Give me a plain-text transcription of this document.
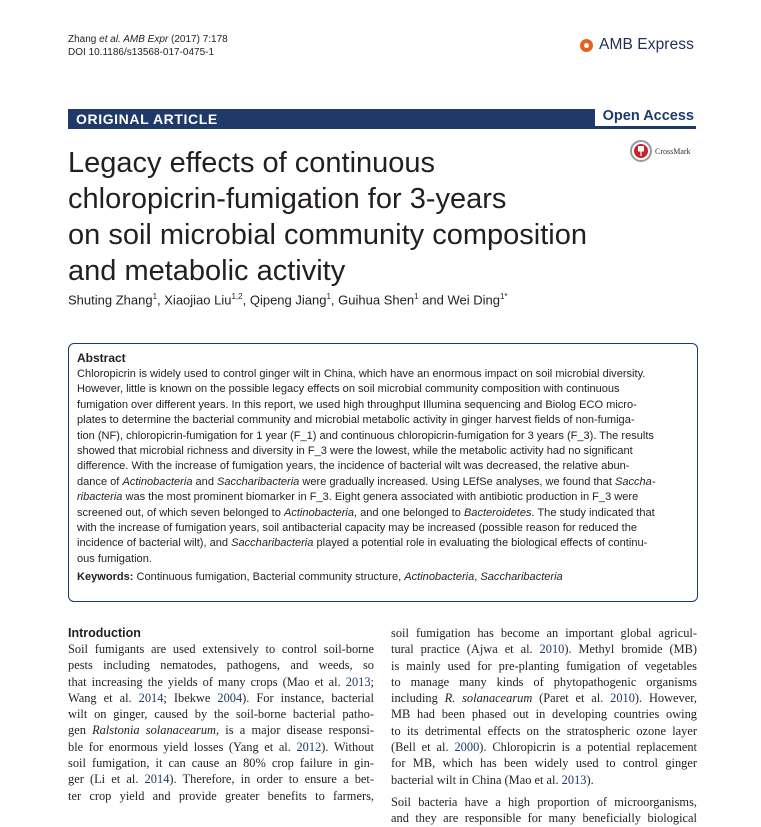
Zhang et al. AMB Expr (2017) 7:178
DOI 10.1186/s13568-017-0475-1	AMB Express
ORIGINAL ARTICLE	Open Access
CrossMark
Legacy effects of continuous
chloropicrin-fumigation for 3-years
on soil microbial community composition
and metabolic activity
Shuting Zhang$^1$, Xiaojiao Liu$^{1,2}$, Qipeng Jiang$^1$, Guihua Shen$^1$ and Wei Ding$^{1*}$
Abstract
Chloropicrin is widely used to control ginger wilt in China, which have an enormous impact on soil microbial diversity.
However, little is known on the possible legacy effects on soil microbial community composition with continuous
fumigation over different years. In this report, we used high throughput Illumina sequencing and Biolog ECO micro-
plates to determine the bacterial community and microbial metabolic activity in ginger harvest fields of non-fumiga-
tion (NF), chloropicrin-fumigation for 1 year (F_1) and continuous chloropicrin-fumigation for 3 years (F_3). The results
showed that microbial richness and diversity in F_3 were the lowest, while the metabolic activity had no significant
difference. With the increase of fumigation years, the incidence of bacterial wilt was decreased, the relative abun-
dance of Actinobacteria and Saccharibacteria were gradually increased. Using LEfSe analyses, we found that Saccha-
ribacteria was the most prominent biomarker in F_3. Eight genera associated with antibiotic production in F_3 were
screened out, of which seven belonged to Actinobacteria, and one belonged to Bacteroidetes. The study indicated that
with the increase of fumigation years, soil antibacterial capacity may be increased (possible reason for reduced the
incidence of bacterial wilt), and Saccharibacteria played a potential role in evaluating the biological effects of continu-
ous fumigation.
Keywords: Continuous fumigation, Bacterial community structure, Actinobacteria, Saccharibacteria
Introduction
Soil fumigants are used extensively to control soil-borne
pests including nematodes, pathogens, and weeds, so
that increasing the yields of many crops (Mao et al. 2013;
Wang et al. 2014; Ibekwe 2004). For instance, bacterial
wilt on ginger, caused by the soil-borne bacterial patho-
gen Ralstonia solanacearum, is a major disease responsi-
ble for enormous yield losses (Yang et al. 2012). Without
soil fumigation, it can cause an 80% crop failure in gin-
ger (Li et al. 2014). Therefore, in order to ensure a bet-
ter crop yield and provide greater benefits to farmers,
soil fumigation has become an important global agricul-
tural practice (Ajwa et al. 2010). Methyl bromide (MB)
is mainly used for pre-planting fumigation of vegetables
to manage many kinds of phytopathogenic organisms
including R. solanacearum (Paret et al. 2010). However,
MB had been phased out in developing countries owing
to its detrimental effects on the stratospheric ozone layer
(Bell et al. 2000). Chloropicrin is a potential replacement
for MB, which has been widely used to control ginger
bacterial wilt in China (Mao et al. 2013).
Soil bacteria have a high proportion of microorganisms,
and they are responsible for many beneficially biological
